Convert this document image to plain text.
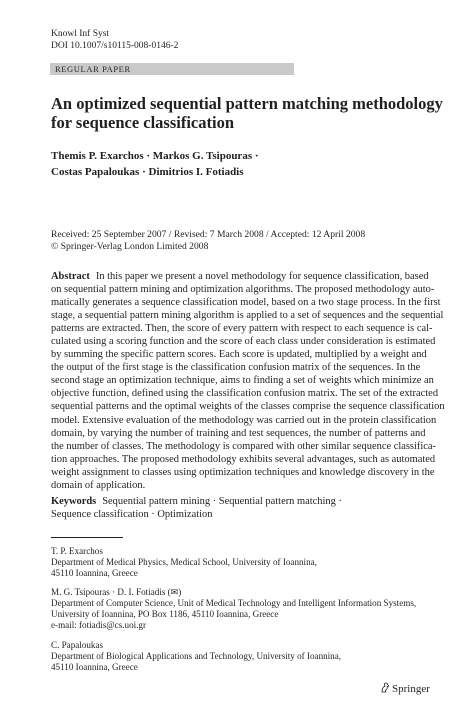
Knowl Inf Syst
DOI 10.1007/s10115-008-0146-2
REGULAR PAPER
An optimized sequential pattern matching methodology
for sequence classification
Themis P. Exarchos · Markos G. Tsipouras ·
Costas Papaloukas · Dimitrios I. Fotiadis
Received: 25 September 2007 / Revised: 7 March 2008 / Accepted: 12 April 2008
© Springer-Verlag London Limited 2008
Abstract In this paper we present a novel methodology for sequence classification, based
on sequential pattern mining and optimization algorithms. The proposed methodology auto-
matically generates a sequence classification model, based on a two stage process. In the first
stage, a sequential pattern mining algorithm is applied to a set of sequences and the sequential
patterns are extracted. Then, the score of every pattern with respect to each sequence is cal-
culated using a scoring function and the score of each class under consideration is estimated
by summing the specific pattern scores. Each score is updated, multiplied by a weight and
the output of the first stage is the classification confusion matrix of the sequences. In the
second stage an optimization technique, aims to finding a set of weights which minimize an
objective function, defined using the classification confusion matrix. The set of the extracted
sequential patterns and the optimal weights of the classes comprise the sequence classification
model. Extensive evaluation of the methodology was carried out in the protein classification
domain, by varying the number of training and test sequences, the number of patterns and
the number of classes. The methodology is compared with other similar sequence classifica-
tion approaches. The proposed methodology exhibits several advantages, such as automated
weight assignment to classes using optimization techniques and knowledge discovery in the
domain of application.
Keywords Sequential pattern mining · Sequential pattern matching ·
Sequence classification · Optimization
T. P. Exarchos
Department of Medical Physics, Medical School, University of Ioannina,
45110 Ioannina, Greece
M. G. Tsipouras · D. I. Fotiadis (✉)
Department of Computer Science, Unit of Medical Technology and Intelligent Information Systems,
University of Ioannina, PO Box 1186, 45110 Ioannina, Greece
e-mail: fotiadis@cs.uoi.gr
C. Papaloukas
Department of Biological Applications and Technology, University of Ioannina,
45110 Ioannina, Greece
Springer
